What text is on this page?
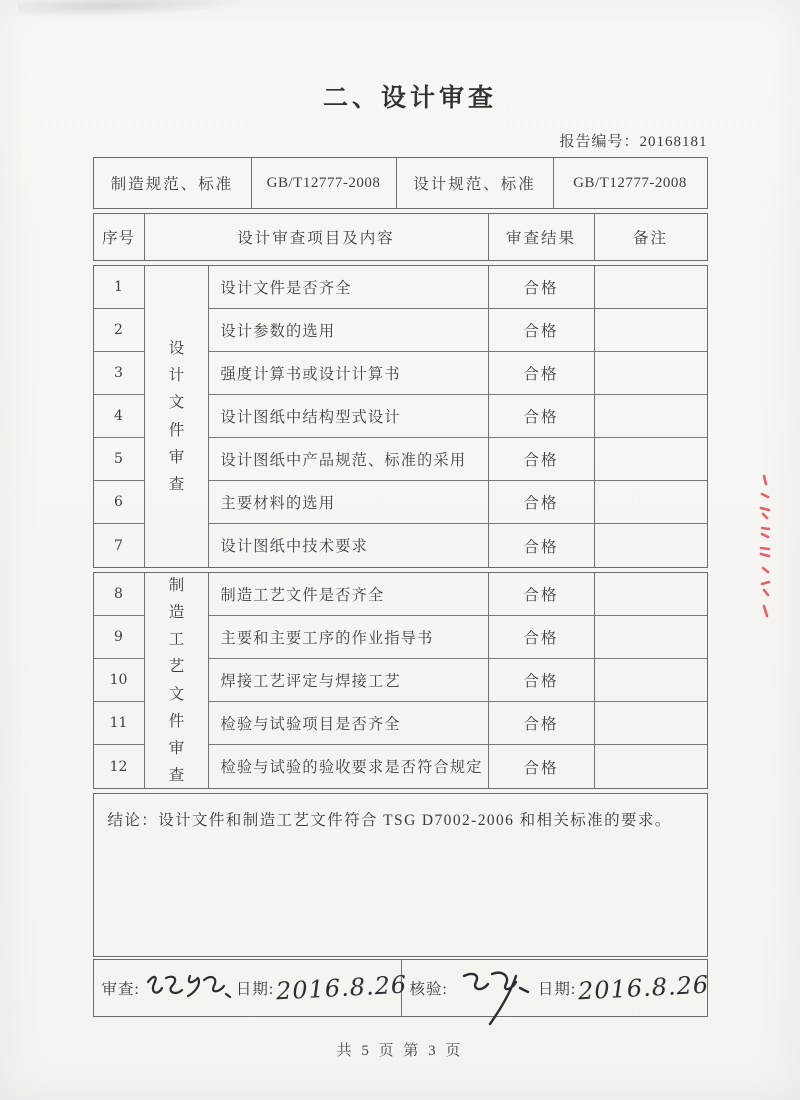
二、设计审查
报告编号：20168181
制造规范、标准	GB/T12777-2008	设计规范、标准	GB/T12777-2008
序号	设计审查项目及内容	审查结果	备注
设计文件审查
1	设计文件是否齐全	合格
2	设计参数的选用	合格
3	强度计算书或设计计算书	合格
4	设计图纸中结构型式设计	合格
5	设计图纸中产品规范、标准的采用	合格
6	主要材料的选用	合格
7	设计图纸中技术要求	合格
制造工艺文件审查
8	制造工艺文件是否齐全	合格
9	主要和主要工序的作业指导书	合格
10	焊接工艺评定与焊接工艺	合格
11	检验与试验项目是否齐全	合格
12	检验与试验的验收要求是否符合规定	合格

结论：设计文件和制造工艺文件符合 TSG D7002-2006 和相关标准的要求。

审查:	日期: 2016.8.26 核验:	日期: 2016.8.26
共 5 页 第 3 页
